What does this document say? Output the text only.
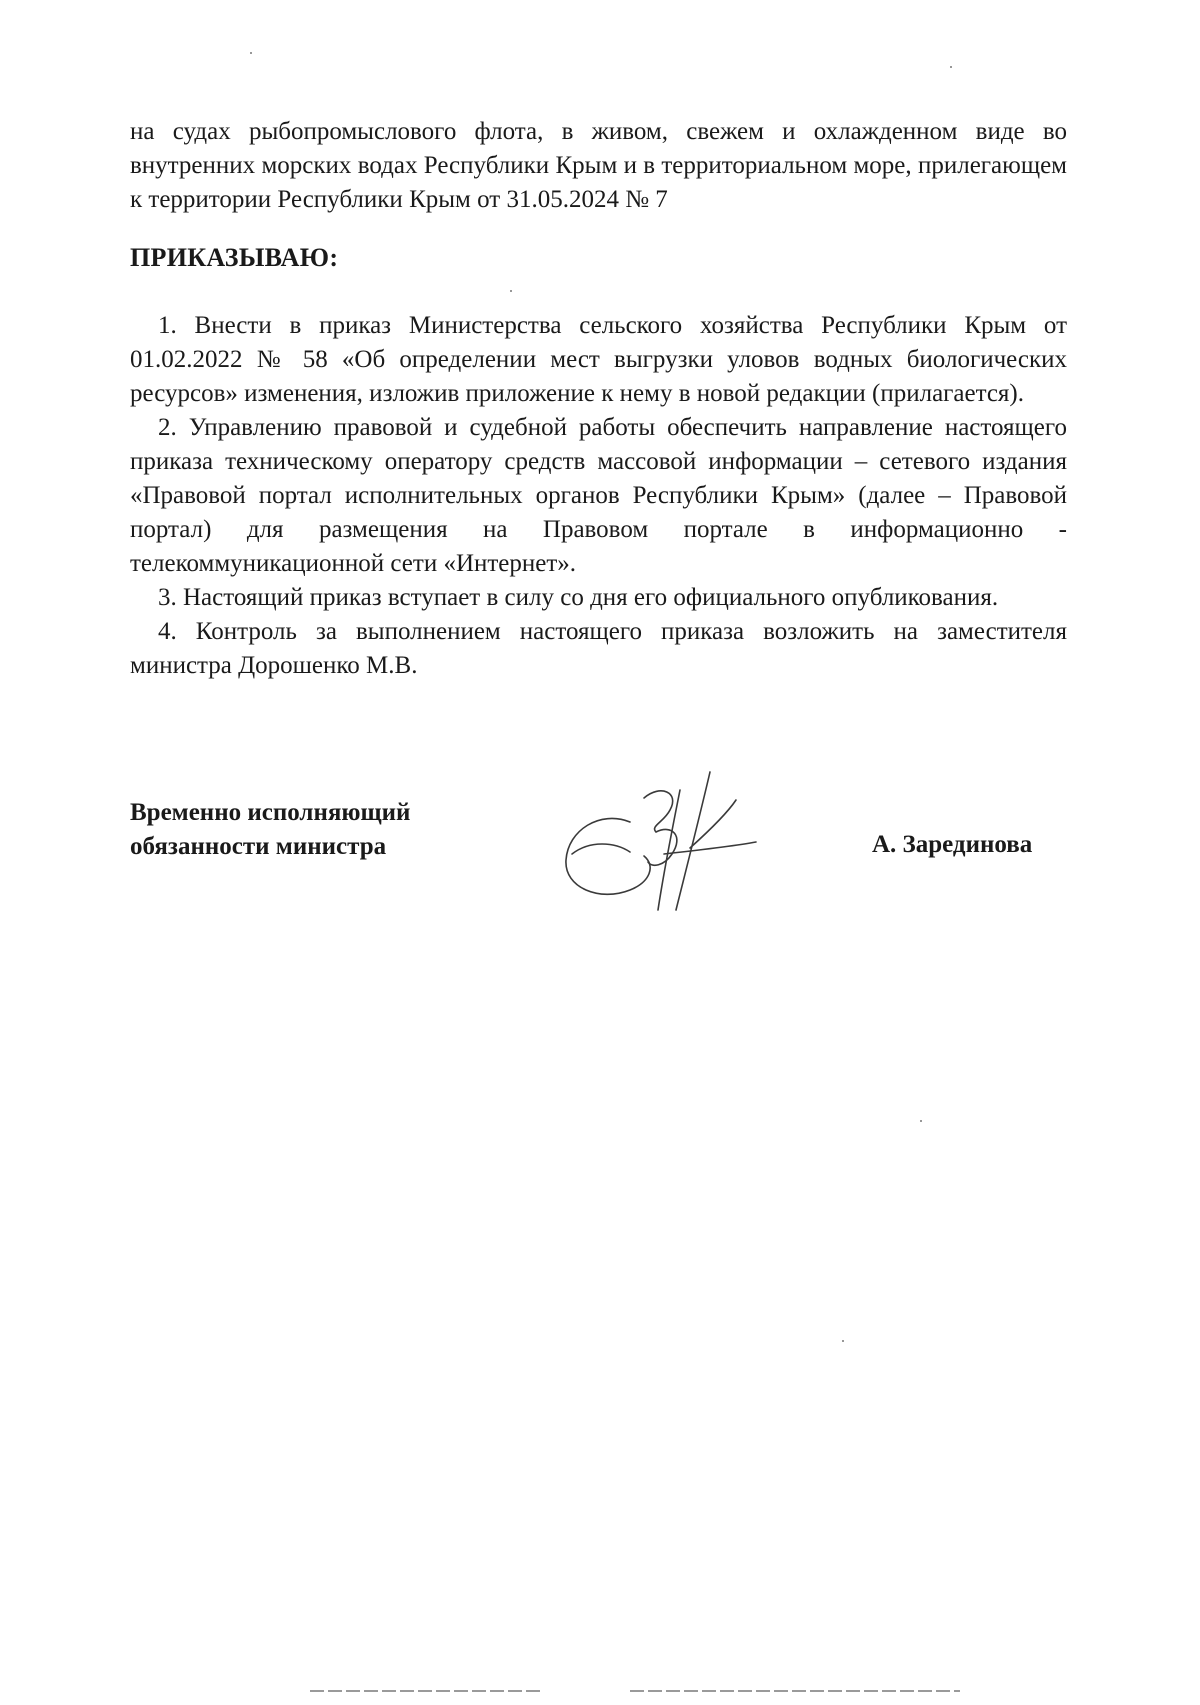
на судах рыбопромыслового флота, в живом, свежем и охлажденном виде во внутренних морских водах Республики Крым и в территориальном море, прилегающем к территории Республики Крым от 31.05.2024 № 7
ПРИКАЗЫВАЮ:

1. Внести в приказ Министерства сельского хозяйства Республики Крым от 01.02.2022 № 58 «Об определении мест выгрузки уловов водных биологических ресурсов» изменения, изложив приложение к нему в новой редакции (прилагается).

2. Управлению правовой и судебной работы обеспечить направление настоящего приказа техническому оператору средств массовой информации – сетевого издания «Правовой портал исполнительных органов Республики Крым» (далее – Правовой портал) для размещения на Правовом портале в информационно - телекоммуникационной сети «Интернет».

3. Настоящий приказ вступает в силу со дня его официального опубликования.

4. Контроль за выполнением настоящего приказа возложить на заместителя министра Дорошенко М.В.

Временно исполняющий
обязанности министра	А. Зарединова
